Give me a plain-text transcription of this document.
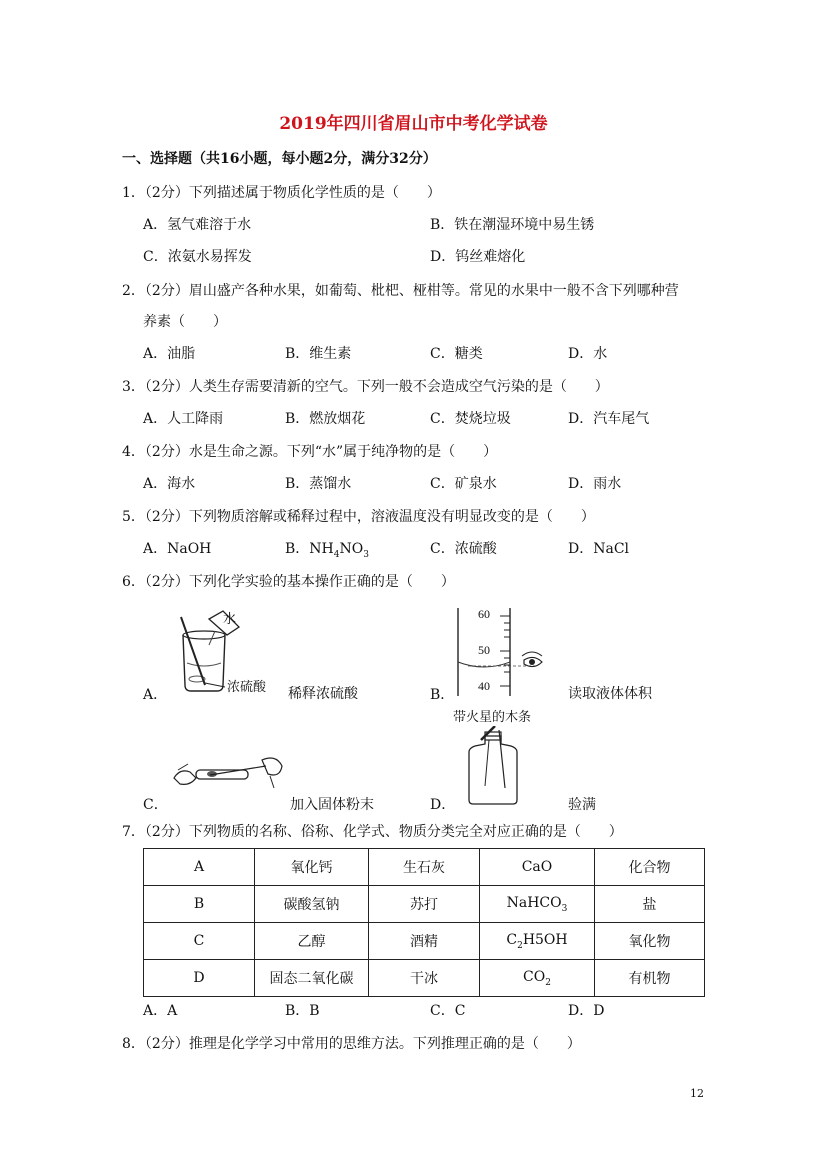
2019年四川省眉山市中考化学试卷
一、选择题（共16小题，每小题2分，满分32分）
1．（2分）下列描述属于物质化学性质的是（　　）
A．氢气难溶于水	B．铁在潮湿环境中易生锈
C．浓氨水易挥发	D．钨丝难熔化
2．（2分）眉山盛产各种水果，如葡萄、枇杷、桠柑等。常见的水果中一般不含下列哪种营
养素（　　）
A．油脂	B．维生素	C．糖类	D．水
3．（2分）人类生存需要清新的空气。下列一般不会造成空气污染的是（　　）
A．人工降雨	B．燃放烟花	C．焚烧垃圾	D．汽车尾气
4．（2分）水是生命之源。下列“水”属于纯净物的是（　　）
A．海水	B．蒸馏水	C．矿泉水	D．雨水
5．（2分）下列物质溶解或稀释过程中，溶液温度没有明显改变的是（　　）
A．NaOH	B．$NH_4NO_3$	C．浓硫酸	D．NaCl
6．（2分）下列化学实验的基本操作正确的是（　　）
水
浓硫酸
A．	稀释浓硫酸
60
50
40
B．	读取液体体积
C．	加入固体粉末
带火星的木条
D．	验满
7．（2分）下列物质的名称、俗称、化学式、物质分类完全对应正确的是（　　）
A	氧化钙	生石灰	CaO	化合物
B	碳酸氢钠	苏打	NaHCO$_3$	盐
C	乙醇	酒精	$C_2H5OH$	氧化物
D	固态二氧化碳	干冰	$CO_2$	有机物
A．A	B．B	C．C	D．D
8．（2分）推理是化学学习中常用的思维方法。下列推理正确的是（　　）
12
